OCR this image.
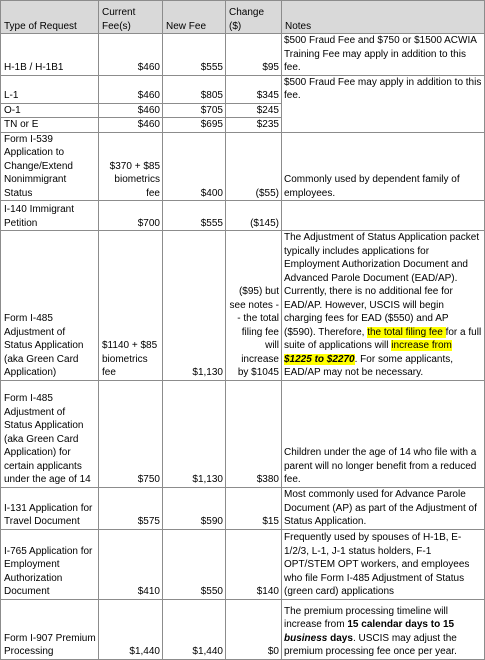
Type of Request	Current Fee(s)	New Fee	Change ($)	Notes
H-1B / H-1B1	$460	$555	$95	$500 Fraud Fee and $750 or $1500 ACWIA Training Fee may apply in addition to this fee.
L-1	$460	$805	$345	$500 Fraud Fee may apply in addition to this fee.
O-1	$460	$705	$245	
TN or E	$460	$695	$235	
Form I-539 Application to Change/Extend Nonimmigrant Status	$370 + $85 biometrics fee	$400	($55)	Commonly used by dependent family of employees.
I-140 Immigrant Petition	$700	$555	($145)	
Form I-485 Adjustment of Status Application (aka Green Card Application)	$1140 + $85 biometrics fee	$1,130	($95) but see notes -- the total filing fee will increase by $1045	The Adjustment of Status Application packet typically includes applications for Employment Authorization Document and Advanced Parole Document (EAD/AP). Currently, there is no additional fee for EAD/AP. However, USCIS will begin charging fees for EAD ($550) and AP ($590). Therefore, the total filing fee for a full suite of applications will increase from $1225 to $2270. For some applicants, EAD/AP may not be necessary.
Form I-485 Adjustment of Status Application (aka Green Card Application) for certain applicants under the age of 14	$750	$1,130	$380	Children under the age of 14 who file with a parent will no longer benefit from a reduced fee.
I-131 Application for Travel Document	$575	$590	$15	Most commonly used for Advance Parole Document (AP) as part of the Adjustment of Status Application.
I-765 Application for Employment Authorization Document	$410	$550	$140	Frequently used by spouses of H-1B, E-1/2/3, L-1, J-1 status holders, F-1 OPT/STEM OPT workers, and employees who file Form I-485 Adjustment of Status (green card) applications
Form I-907 Premium Processing	$1,440	$1,440	$0	The premium processing timeline will increase from 15 calendar days to 15 business days. USCIS may adjust the premium processing fee once per year.
